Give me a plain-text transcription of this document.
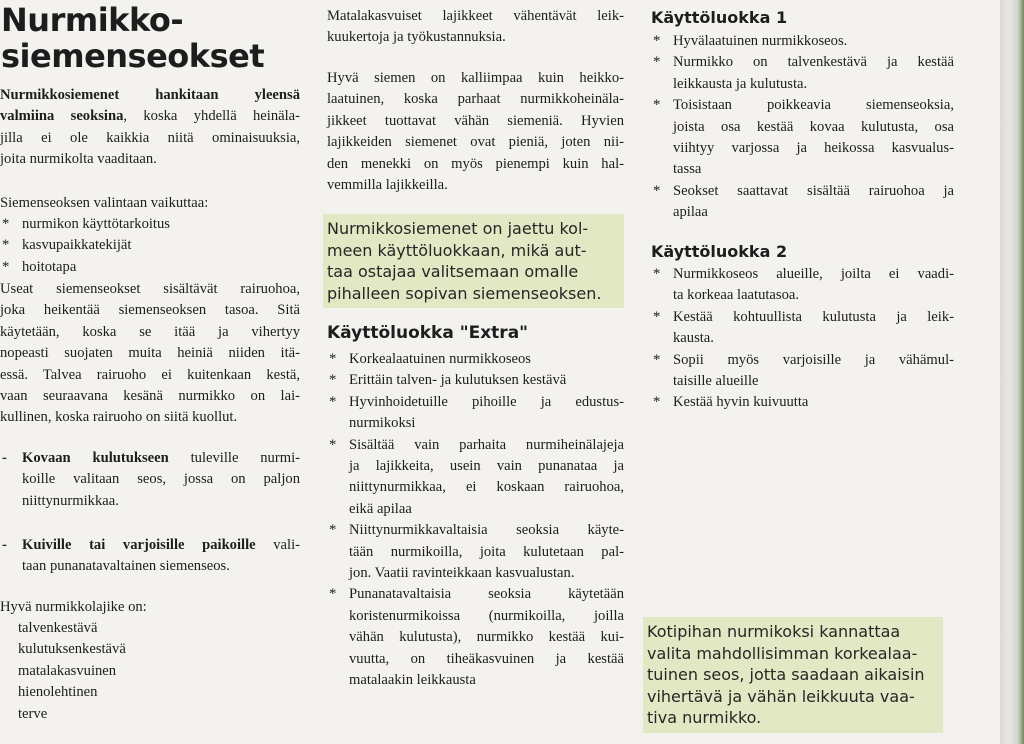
Nurmikko-
siemenseokset

Nurmikkosiemenet hankitaan yleensä
valmiina seoksina, koska yhdellä heinäla-
jilla ei ole kaikkia niitä ominaisuuksia,
joita nurmikolta vaaditaan.

Siemenseoksen valintaan vaikuttaa:

* nurmikon käyttötarkoitus
* kasvupaikkatekijät
* hoitotapa

Useat siemenseokset sisältävät rairuohoa,
joka heikentää siemenseoksen tasoa. Sitä
käytetään, koska se itää ja vihertyy
nopeasti suojaten muita heiniä niiden itä-
essä. Talvea rairuoho ei kuitenkaan kestä,
vaan seuraavana kesänä nurmikko on lai-
kullinen, koska rairuoho on siitä kuollut.

- Kovaan kulutukseen tuleville nurmi-
koille valitaan seos, jossa on paljon
niittynurmikkaa.
- Kuiville tai varjoisille paikoille vali-
taan punanatavaltainen siemenseos.

Hyvä nurmikkolajike on:

talvenkestävä
kulutuksenkestävä
matalakasvuinen
hienolehtinen
terve

Matalakasvuiset lajikkeet vähentävät leik-
kuukertoja ja työkustannuksia.

Hyvä siemen on kalliimpaa kuin heikko-
laatuinen, koska parhaat nurmikkoheinäla-
jikkeet tuottavat vähän siemeniä. Hyvien
lajikkeiden siemenet ovat pieniä, joten nii-
den menekki on myös pienempi kuin hal-
vemmilla lajikkeilla.

Nurmikkosiemenet on jaettu kol-
meen käyttöluokkaan, mikä aut-
taa ostajaa valitsemaan omalle
pihalleen sopivan siemenseoksen.
Käyttöluokka "Extra"
* Korkealaatuinen nurmikkoseos
* Erittäin talven- ja kulutuksen kestävä
* Hyvinhoidetuille pihoille ja edustus-
nurmikoksi
* Sisältää vain parhaita nurmiheinälajeja
ja lajikkeita, usein vain punanataa ja
niittynurmikkaa, ei koskaan rairuohoa,
eikä apilaa
* Niittynurmikkavaltaisia seoksia käyte-
tään nurmikoilla, joita kulutetaan pal-
jon. Vaatii ravinteikkaan kasvualustan.
* Punanatavaltaisia seoksia käytetään
koristenurmikoissa (nurmikoilla, joilla
vähän kulutusta), nurmikko kestää kui-
vuutta, on tiheäkasvuinen ja kestää
matalaakin leikkausta
Käyttöluokka 1
* Hyvälaatuinen nurmikkoseos.
* Nurmikko on talvenkestävä ja kestää
leikkausta ja kulutusta.
* Toisistaan poikkeavia siemenseoksia,
joista osa kestää kovaa kulutusta, osa
viihtyy varjossa ja heikossa kasvualus-
tassa
* Seokset saattavat sisältää rairuohoa ja
apilaa
Käyttöluokka 2
* Nurmikkoseos alueille, joilta ei vaadi-
ta korkeaa laatutasoa.
* Kestää kohtuullista kulutusta ja leik-
kausta.
* Sopii myös varjoisille ja vähämul-
taisille alueille
* Kestää hyvin kuivuutta
Kotipihan nurmikoksi kannattaa
valita mahdollisimman korkealaa-
tuinen seos, jotta saadaan aikaisin
vihertävä ja vähän leikkuuta vaa-
tiva nurmikko.
